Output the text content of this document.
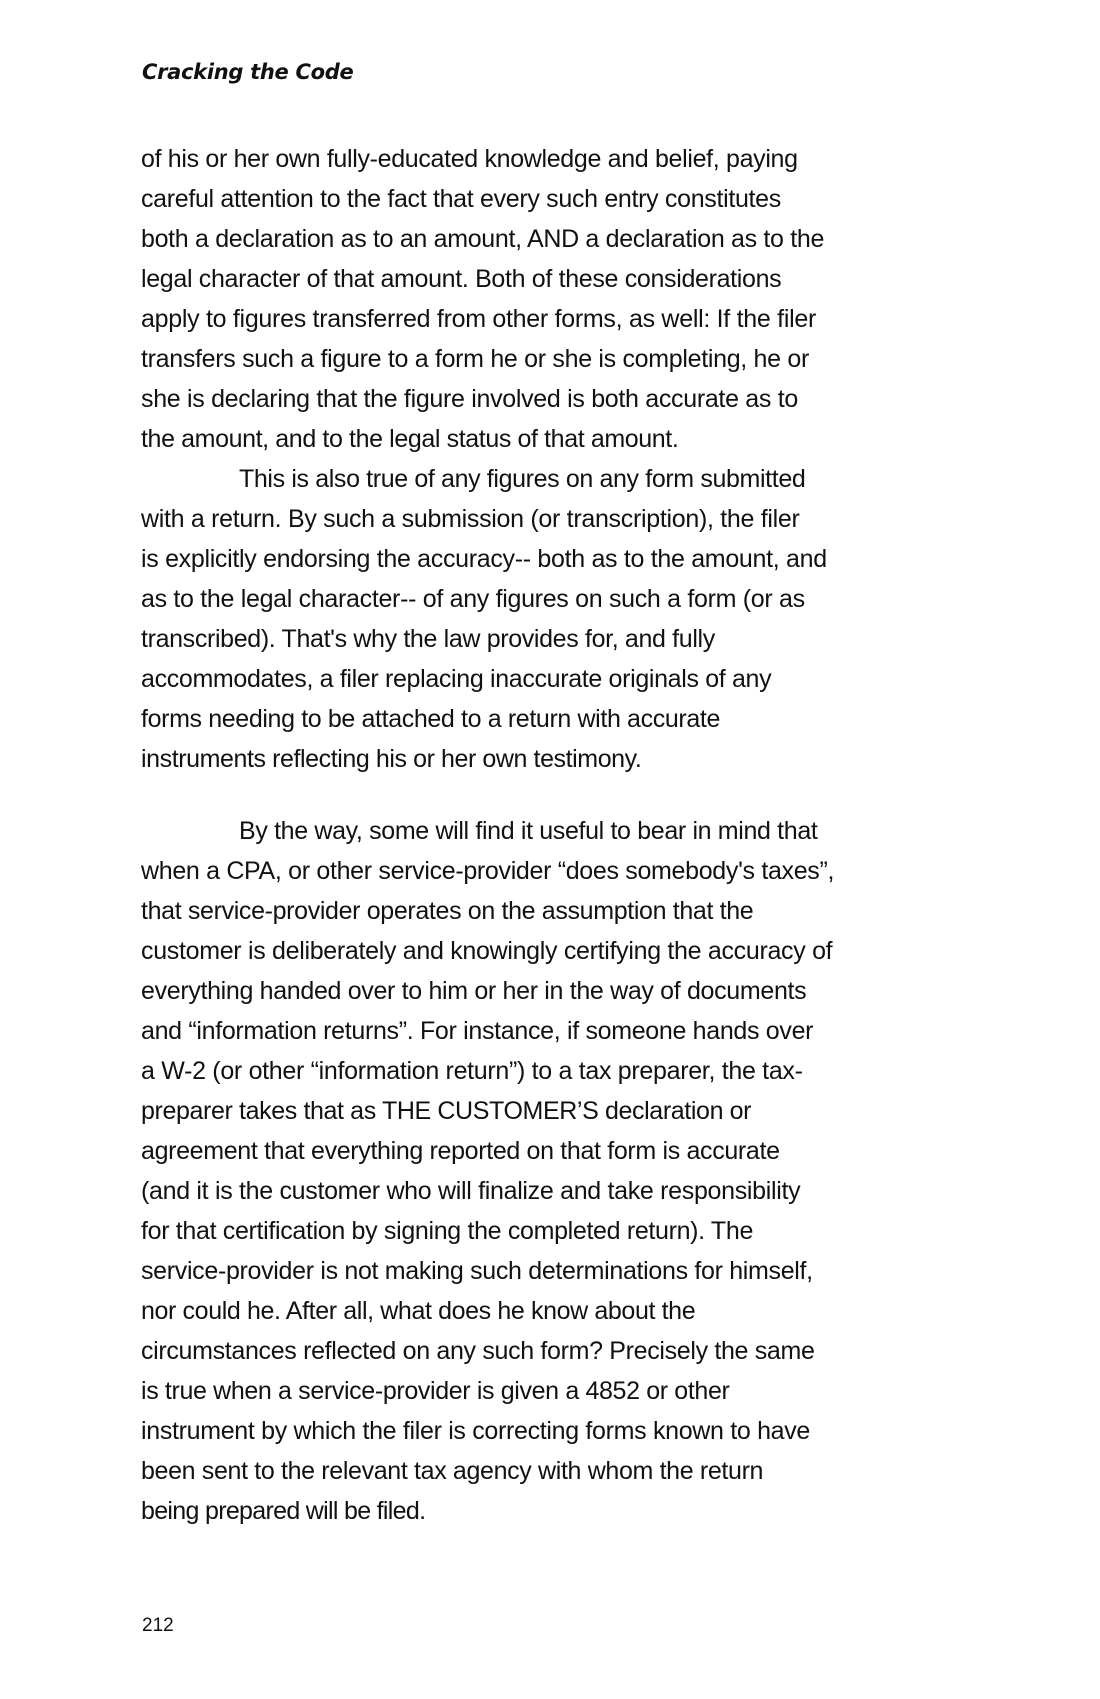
Cracking the Code
of his or her own fully-educated knowledge and belief, paying
careful attention to the fact that every such entry constitutes
both a declaration as to an amount, AND a declaration as to the
legal character of that amount. Both of these considerations
apply to figures transferred from other forms, as well: If the filer
transfers such a figure to a form he or she is completing, he or
she is declaring that the figure involved is both accurate as to
the amount, and to the legal status of that amount.
This is also true of any figures on any form submitted
with a return. By such a submission (or transcription), the filer
is explicitly endorsing the accuracy-- both as to the amount, and
as to the legal character-- of any figures on such a form (or as
transcribed). That's why the law provides for, and fully
accommodates, a filer replacing inaccurate originals of any
forms needing to be attached to a return with accurate
instruments reflecting his or her own testimony.
By the way, some will find it useful to bear in mind that
when a CPA, or other service-provider “does somebody's taxes”,
that service-provider operates on the assumption that the
customer is deliberately and knowingly certifying the accuracy of
everything handed over to him or her in the way of documents
and “information returns”. For instance, if someone hands over
a W-2 (or other “information return”) to a tax preparer, the tax-
preparer takes that as THE CUSTOMER’S declaration or
agreement that everything reported on that form is accurate
(and it is the customer who will finalize and take responsibility
for that certification by signing the completed return). The
service-provider is not making such determinations for himself,
nor could he. After all, what does he know about the
circumstances reflected on any such form? Precisely the same
is true when a service-provider is given a 4852 or other
instrument by which the filer is correcting forms known to have
been sent to the relevant tax agency with whom the return
being prepared will be filed.
212
